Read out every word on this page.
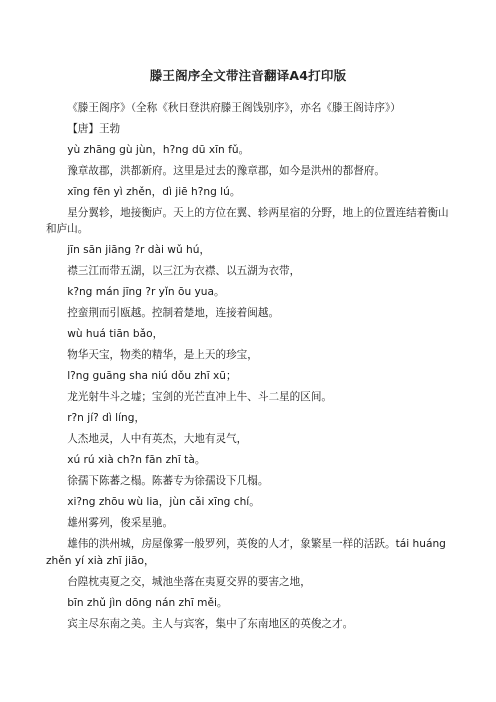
滕王阁序全文带注音翻译A4打印版

《滕王阁序》（全称《秋日登洪府滕王阁饯别序》，亦名《滕王阁诗序》）

【唐】王勃

yù zhāng gù jùn，h?ng dū xīn fǔ。

豫章故郡，洪都新府。这里是过去的豫章郡，如今是洪州的都督府。

xīng fēn yì zhěn，dì jiē h?ng lú。

星分翼轸，地接衡庐。天上的方位在翼、轸两星宿的分野，地上的位置连结着衡山和庐山。

jīn sān jiāng ?r dài wǔ hú，

襟三江而带五湖，以三江为衣襟、以五湖为衣带，

k?ng mán jīng ?r yǐn ōu yua。

控蛮荆而引瓯越。控制着楚地，连接着闽越。

wù huá tiān bǎo，

物华天宝，物类的精华，是上天的珍宝，

l?ng guāng sha niú dǒu zhī xū；

龙光射牛斗之墟；宝剑的光芒直冲上牛、斗二星的区间。

r?n jí? dì líng，

人杰地灵，人中有英杰，大地有灵气，

xú rú xià ch?n fān zhī tà。

徐孺下陈蕃之榻。陈蕃专为徐孺设下几榻。

xi?ng zhōu wù lia，jùn cǎi xīng chí。

雄州雾列，俊采星驰。

雄伟的洪州城，房屋像雾一般罗列，英俊的人才，象繁星一样的活跃。tái huáng zhěn yí xià zhī jiāo，

台隍枕夷夏之交，城池坐落在夷夏交界的要害之地，

bīn zhǔ jìn dōng nán zhī měi。

宾主尽东南之美。主人与宾客，集中了东南地区的英俊之才。
